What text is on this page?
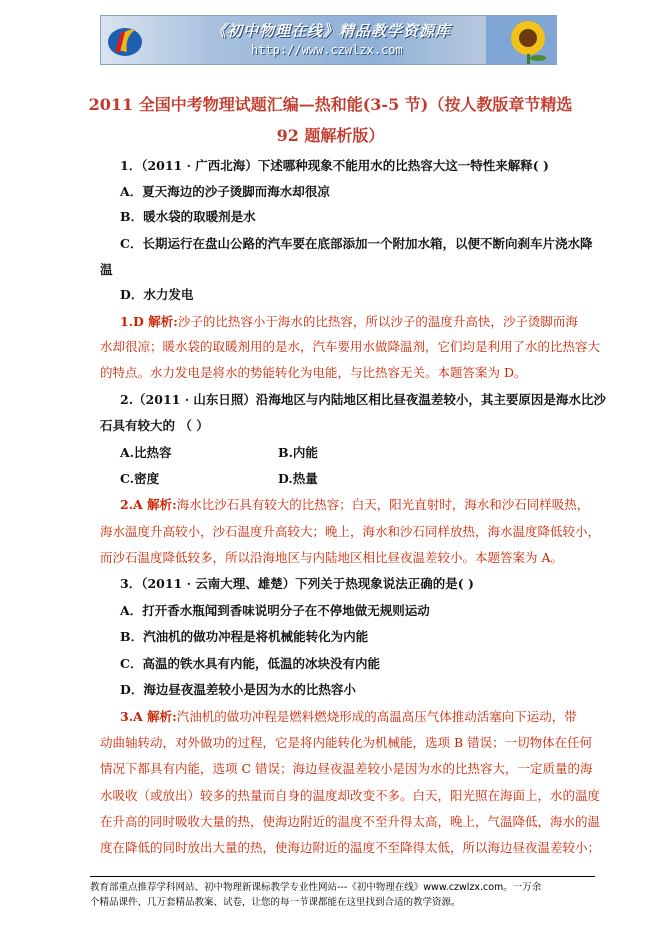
《初中物理在线》精品教学资源库
http://www.czwlzx.com
2011 全国中考物理试题汇编—热和能(3-5 节)（按人教版章节精选
92 题解析版）
1．（2011 · 广西北海）下述哪种现象不能用水的比热容大这一特性来解释( )
A．夏天海边的沙子烫脚而海水却很凉
B．暖水袋的取暖剂是水
C．长期运行在盘山公路的汽车要在底部添加一个附加水箱，以便不断向刹车片浇水降
温
D．水力发电
1.D 解析:沙子的比热容小于海水的比热容，所以沙子的温度升高快，沙子烫脚而海
水却很凉；暖水袋的取暖剂用的是水，汽车要用水做降温剂，它们均是利用了水的比热容大
的特点。水力发电是将水的势能转化为电能，与比热容无关。本题答案为 D。
2.（2011 · 山东日照）沿海地区与内陆地区相比昼夜温差较小，其主要原因是海水比沙
石具有较大的 （ ）
A.比热容	B.内能
C.密度	D.热量
2.A 解析:海水比沙石具有较大的比热容；白天，阳光直射时，海水和沙石同样吸热，
海水温度升高较小，沙石温度升高较大；晚上，海水和沙石同样放热，海水温度降低较小，
而沙石温度降低较多，所以沿海地区与内陆地区相比昼夜温差较小。本题答案为 A。
3．（2011 · 云南大理、雄楚）下列关于热现象说法正确的是( )
A．打开香水瓶闻到香味说明分子在不停地做无规则运动
B．汽油机的做功冲程是将机械能转化为内能
C．高温的铁水具有内能，低温的冰块没有内能
D．海边昼夜温差较小是因为水的比热容小
3.A 解析:汽油机的做功冲程是燃料燃烧形成的高温高压气体推动活塞向下运动，带
动曲轴转动，对外做功的过程，它是将内能转化为机械能，选项 B 错误；一切物体在任何
情况下都具有内能，选项 C 错误；海边昼夜温差较小是因为水的比热容大，一定质量的海
水吸收（或放出）较多的热量而自身的温度却改变不多。白天，阳光照在海面上，水的温度
在升高的同时吸收大量的热，使海边附近的温度不至升得太高，晚上，气温降低，海水的温
度在降低的同时放出大量的热，使海边附近的温度不至降得太低，所以海边昼夜温差较小；
教育部重点推荐学科网站、初中物理新课标教学专业性网站---《初中物理在线》www.czwlzx.com。一万余
个精品课件、几万套精品教案、试卷，让您的每一节课都能在这里找到合适的教学资源。
